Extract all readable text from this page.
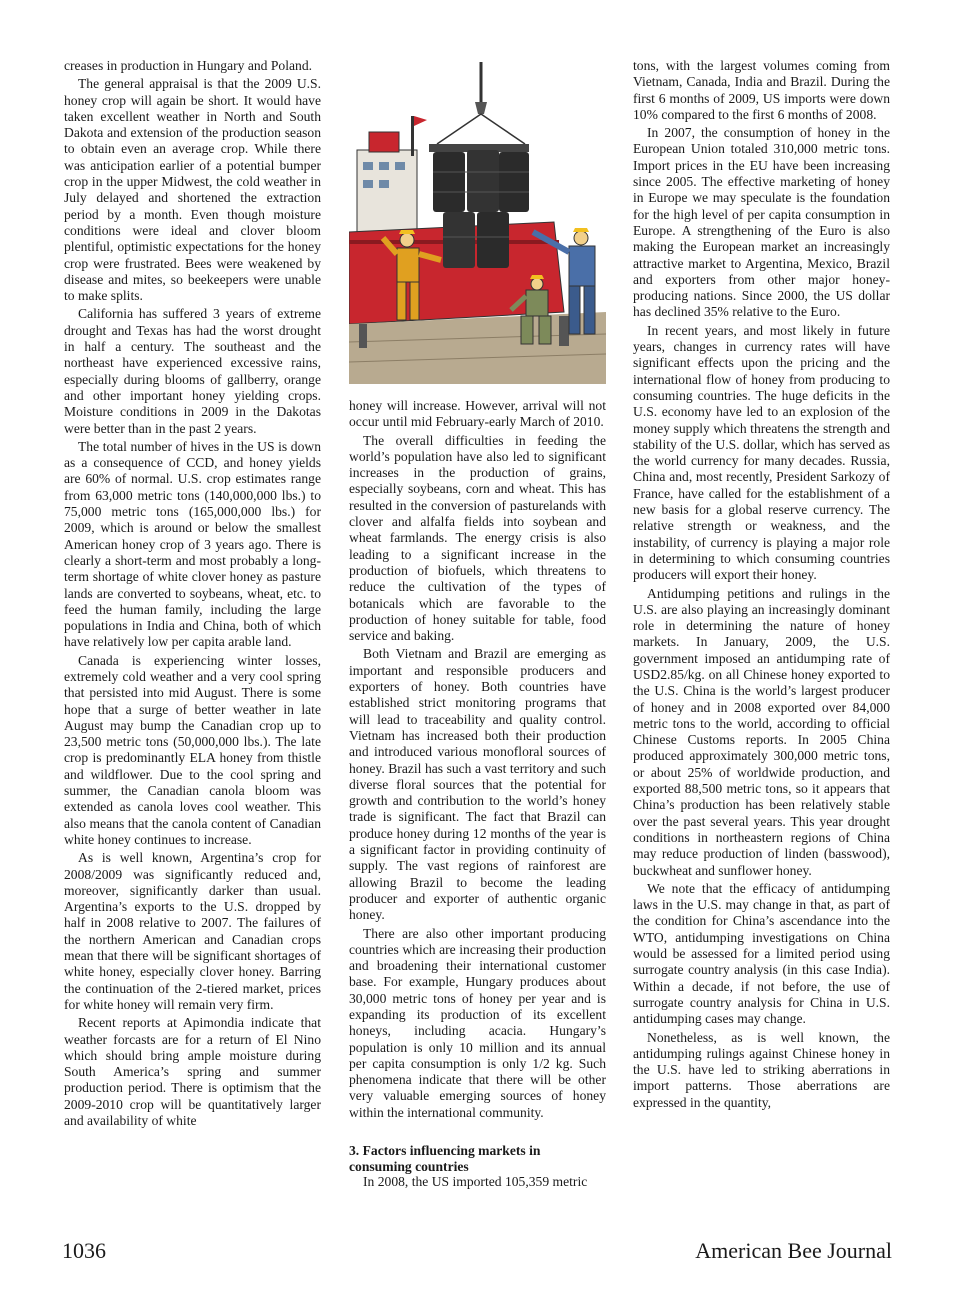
creases in production in Hungary and Poland.

The general appraisal is that the 2009 U.S. honey crop will again be short. It would have taken excellent weather in North and South Dakota and extension of the production season to obtain even an average crop. While there was anticipation earlier of a potential bumper crop in the upper Midwest, the cold weather in July delayed and shortened the extraction period by a month. Even though moisture conditions were ideal and clover bloom plentiful, optimistic expectations for the honey crop were frustrated. Bees were weakened by disease and mites, so beekeepers were unable to make splits.

California has suffered 3 years of extreme drought and Texas has had the worst drought in half a century. The southeast and the northeast have experienced excessive rains, especially during blooms of gallberry, orange and other important honey yielding crops. Moisture conditions in 2009 in the Dakotas were better than in the past 2 years.

The total number of hives in the US is down as a consequence of CCD, and honey yields are 60% of normal. U.S. crop estimates range from 63,000 metric tons (140,000,000 lbs.) to 75,000 metric tons (165,000,000 lbs.) for 2009, which is around or below the smallest American honey crop of 3 years ago. There is clearly a short-term and most probably a long-term shortage of white clover honey as pasture lands are converted to soybeans, wheat, etc. to feed the human family, including the large populations in India and China, both of which have relatively low per capita arable land.

Canada is experiencing winter losses, extremely cold weather and a very cool spring that persisted into mid August. There is some hope that a surge of better weather in late August may bump the Canadian crop up to 23,500 metric tons (50,000,000 lbs.). The late crop is predominantly ELA honey from thistle and wildflower. Due to the cool spring and summer, the Canadian canola bloom was extended as canola loves cool weather. This also means that the canola content of Canadian white honey continues to increase.

As is well known, Argentina’s crop for 2008/2009 was significantly reduced and, moreover, significantly darker than usual. Argentina’s exports to the U.S. dropped by half in 2008 relative to 2007. The failures of the northern American and Canadian crops mean that there will be significant shortages of white honey, especially clover honey. Barring the continuation of the 2-tiered market, prices for white honey will remain very firm.

Recent reports at Apimondia indicate that weather forcasts are for a return of El Nino which should bring ample moisture during South America’s spring and summer production period. There is optimism that the 2009-2010 crop will be quantitatively larger and availability of white

honey will increase. However, arrival will not occur until mid February-early March of 2010.

The overall difficulties in feeding the world’s population have also led to significant increases in the production of grains, especially soybeans, corn and wheat. This has resulted in the conversion of pasturelands with clover and alfalfa fields into soybean and wheat farmlands. The energy crisis is also leading to a significant increase in the production of biofuels, which threatens to reduce the cultivation of the types of botanicals which are favorable to the production of honey suitable for table, food service and baking.

Both Vietnam and Brazil are emerging as important and responsible producers and exporters of honey. Both countries have established strict monitoring programs that will lead to traceability and quality control. Vietnam has increased both their production and introduced various monofloral sources of honey. Brazil has such a vast territory and such diverse floral sources that the potential for growth and contribution to the world’s honey trade is significant. The fact that Brazil can produce honey during 12 months of the year is a significant factor in providing continuity of supply. The vast regions of rainforest are allowing Brazil to become the leading producer and exporter of authentic organic honey.

There are also other important producing countries which are increasing their production and broadening their international customer base. For example, Hungary produces about 30,000 metric tons of honey per year and is expanding its production of its excellent honeys, including acacia. Hungary’s population is only 10 million and its annual per capita consumption is only 1/2 kg. Such phenomena indicate that there will be other very valuable emerging sources of honey within the international community.

3. Factors influencing markets in consuming countries

In 2008, the US imported 105,359 metric

tons, with the largest volumes coming from Vietnam, Canada, India and Brazil. During the first 6 months of 2009, US imports were down 10% compared to the first 6 months of 2008.

In 2007, the consumption of honey in the European Union totaled 310,000 metric tons. Import prices in the EU have been increasing since 2005. The effective marketing of honey in Europe we may speculate is the foundation for the high level of per capita consumption in Europe. A strengthening of the Euro is also making the European market an increasingly attractive market to Argentina, Mexico, Brazil and exporters from other major honey-producing nations. Since 2000, the US dollar has declined 35% relative to the Euro.

In recent years, and most likely in future years, changes in currency rates will have significant effects upon the pricing and the international flow of honey from producing to consuming countries. The huge deficits in the U.S. economy have led to an explosion of the money supply which threatens the strength and stability of the U.S. dollar, which has served as the world currency for many decades. Russia, China and, most recently, President Sarkozy of France, have called for the establishment of a new basis for a global reserve currency. The relative strength or weakness, and the instability, of currency is playing a major role in determining to which consuming countries producers will export their honey.

Antidumping petitions and rulings in the U.S. are also playing an increasingly dominant role in determining the nature of honey markets. In January, 2009, the U.S. government imposed an antidumping rate of USD2.85/kg. on all Chinese honey exported to the U.S. China is the world’s largest producer of honey and in 2008 exported over 84,000 metric tons to the world, according to official Chinese Customs reports. In 2005 China produced approximately 300,000 metric tons, or about 25% of worldwide production, and exported 88,500 metric tons, so it appears that China’s production has been relatively stable over the past several years. This year drought conditions in northeastern regions of China may reduce production of linden (basswood), buckwheat and sunflower honey.

We note that the efficacy of antidumping laws in the U.S. may change in that, as part of the condition for China’s ascendance into the WTO, antidumping investigations on China would be assessed for a limited period using surrogate country analysis (in this case India). Within a decade, if not before, the use of surrogate country analysis for China in U.S. antidumping cases may change.

Nonetheless, as is well known, the antidumping rulings against Chinese honey in the U.S. have led to striking aberrations in import patterns. Those aberrations are expressed in the quantity,

1036	American Bee Journal
